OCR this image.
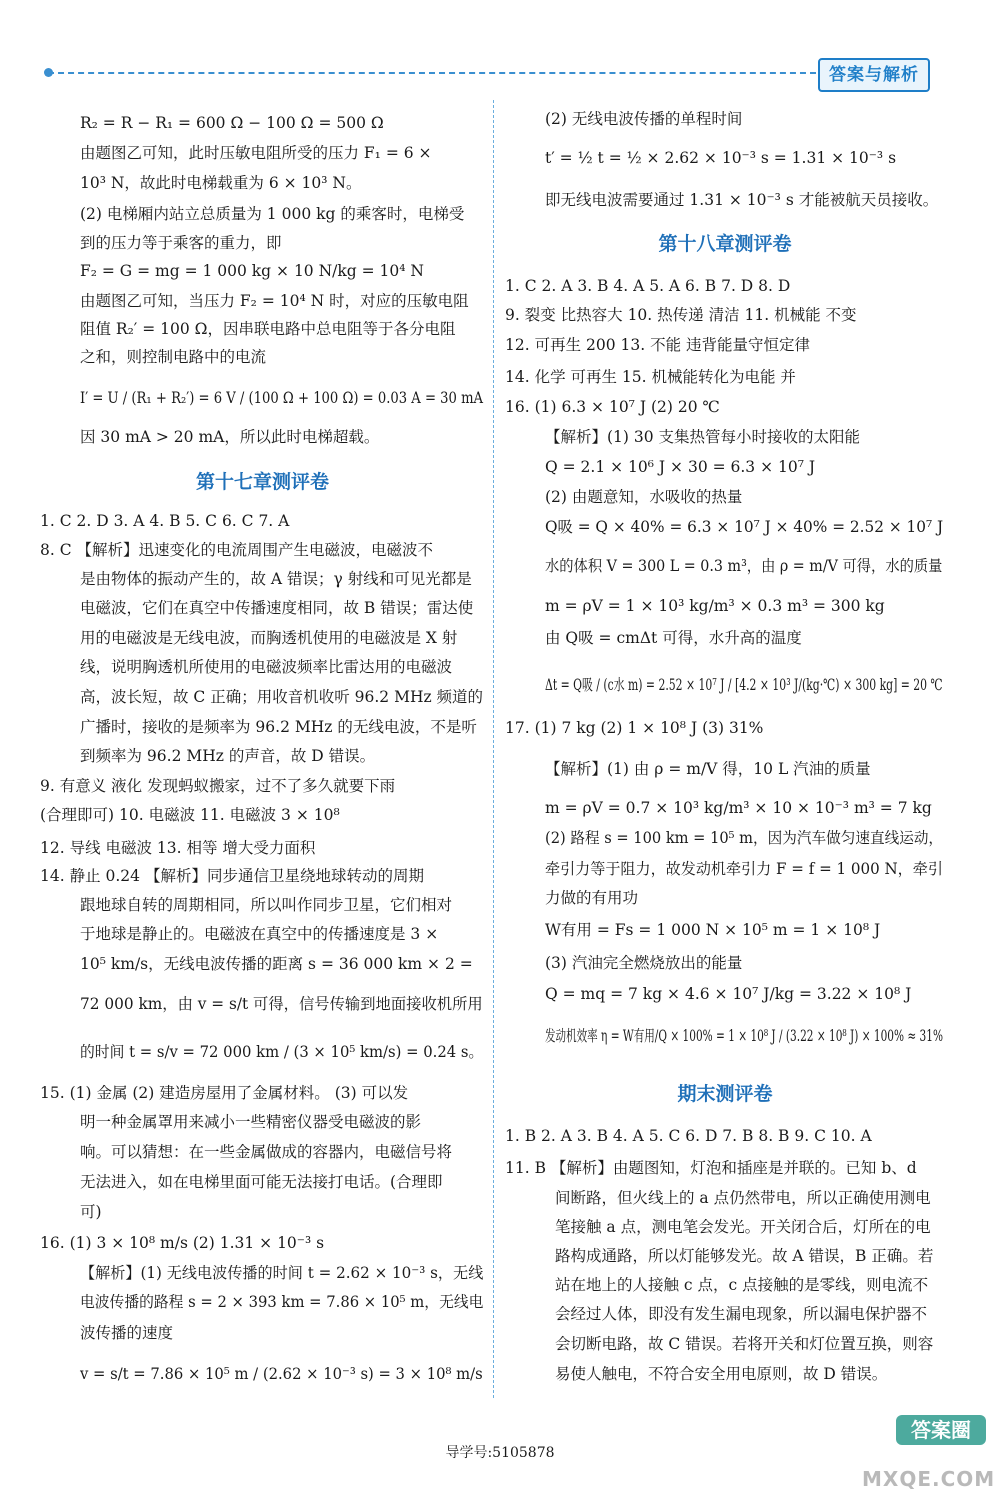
答案与解析
R₂ = R − R₁ = 600 Ω − 100 Ω = 500 Ω
由题图乙可知，此时压敏电阻所受的压力 F₁ = 6 ×
10³ N，故此时电梯载重为 6 × 10³ N。
(2) 电梯厢内站立总质量为 1 000 kg 的乘客时，电梯受
到的压力等于乘客的重力，即
F₂ = G = mg = 1 000 kg × 10 N/kg = 10⁴ N
由题图乙可知，当压力 F₂ = 10⁴ N 时，对应的压敏电阻
阻值 R₂′ = 100 Ω，因串联电路中总电阻等于各分电阻
之和，则控制电路中的电流
I′ = U / (R₁ + R₂′) = 6 V / (100 Ω + 100 Ω) = 0.03 A = 30 mA
因 30 mA > 20 mA，所以此时电梯超载。
第十七章测评卷
1. C 2. D 3. A 4. B 5. C 6. C 7. A
8. C 【解析】迅速变化的电流周围产生电磁波，电磁波不
是由物体的振动产生的，故 A 错误；γ 射线和可见光都是
电磁波，它们在真空中传播速度相同，故 B 错误；雷达使
用的电磁波是无线电波，而胸透机使用的电磁波是 X 射
线，说明胸透机所使用的电磁波频率比雷达用的电磁波
高，波长短，故 C 正确；用收音机收听 96.2 MHz 频道的
广播时，接收的是频率为 96.2 MHz 的无线电波，不是听
到频率为 96.2 MHz 的声音，故 D 错误。
9. 有意义 液化 发现蚂蚁搬家，过不了多久就要下雨
(合理即可) 10. 电磁波 11. 电磁波 3 × 10⁸
12. 导线 电磁波 13. 相等 增大受力面积
14. 静止 0.24 【解析】同步通信卫星绕地球转动的周期
跟地球自转的周期相同，所以叫作同步卫星，它们相对
于地球是静止的。电磁波在真空中的传播速度是 3 ×
10⁵ km/s，无线电波传播的距离 s = 36 000 km × 2 =
72 000 km，由 v = s/t 可得，信号传输到地面接收机所用
的时间 t = s/v = 72 000 km / (3 × 10⁵ km/s) = 0.24 s。
15. (1) 金属 (2) 建造房屋用了金属材料。 (3) 可以发
明一种金属罩用来减小一些精密仪器受电磁波的影
响。可以猜想：在一些金属做成的容器内，电磁信号将
无法进入，如在电梯里面可能无法接打电话。(合理即
可)
16. (1) 3 × 10⁸ m/s (2) 1.31 × 10⁻³ s
【解析】(1) 无线电波传播的时间 t = 2.62 × 10⁻³ s，无线
电波传播的路程 s = 2 × 393 km = 7.86 × 10⁵ m，无线电
波传播的速度
v = s/t = 7.86 × 10⁵ m / (2.62 × 10⁻³ s) = 3 × 10⁸ m/s
(2) 无线电波传播的单程时间
t′ = ½ t = ½ × 2.62 × 10⁻³ s = 1.31 × 10⁻³ s
即无线电波需要通过 1.31 × 10⁻³ s 才能被航天员接收。
第十八章测评卷
1. C 2. A 3. B 4. A 5. A 6. B 7. D 8. D
9. 裂变 比热容大 10. 热传递 清洁 11. 机械能 不变
12. 可再生 200 13. 不能 违背能量守恒定律
14. 化学 可再生 15. 机械能转化为电能 并
16. (1) 6.3 × 10⁷ J (2) 20 ℃
【解析】(1) 30 支集热管每小时接收的太阳能
Q = 2.1 × 10⁶ J × 30 = 6.3 × 10⁷ J
(2) 由题意知，水吸收的热量
Q吸 = Q × 40% = 6.3 × 10⁷ J × 40% = 2.52 × 10⁷ J
水的体积 V = 300 L = 0.3 m³，由 ρ = m/V 可得，水的质量
m = ρV = 1 × 10³ kg/m³ × 0.3 m³ = 300 kg
由 Q吸 = cmΔt 可得，水升高的温度
Δt = Q吸 / (c水 m) = 2.52 × 10⁷ J / [4.2 × 10³ J/(kg·℃) × 300 kg] = 20 ℃
17. (1) 7 kg (2) 1 × 10⁸ J (3) 31%
【解析】(1) 由 ρ = m/V 得，10 L 汽油的质量
m = ρV = 0.7 × 10³ kg/m³ × 10 × 10⁻³ m³ = 7 kg
(2) 路程 s = 100 km = 10⁵ m，因为汽车做匀速直线运动，
牵引力等于阻力，故发动机牵引力 F = f = 1 000 N，牵引
力做的有用功
W有用 = Fs = 1 000 N × 10⁵ m = 1 × 10⁸ J
(3) 汽油完全燃烧放出的能量
Q = mq = 7 kg × 4.6 × 10⁷ J/kg = 3.22 × 10⁸ J
发动机效率 η = W有用/Q × 100% = 1 × 10⁸ J / (3.22 × 10⁸ J) × 100% ≈ 31%
期末测评卷
1. B 2. A 3. B 4. A 5. C 6. D 7. B 8. B 9. C 10. A
11. B 【解析】由题图知，灯泡和插座是并联的。已知 b、d
间断路，但火线上的 a 点仍然带电，所以正确使用测电
笔接触 a 点，测电笔会发光。开关闭合后，灯所在的电
路构成通路，所以灯能够发光。故 A 错误，B 正确。若
站在地上的人接触 c 点，c 点接触的是零线，则电流不
会经过人体，即没有发生漏电现象，所以漏电保护器不
会切断电路，故 C 错误。若将开关和灯位置互换，则容
易使人触电，不符合安全用电原则，故 D 错误。
导学号:5105878
答案圈
MXQE.COM
